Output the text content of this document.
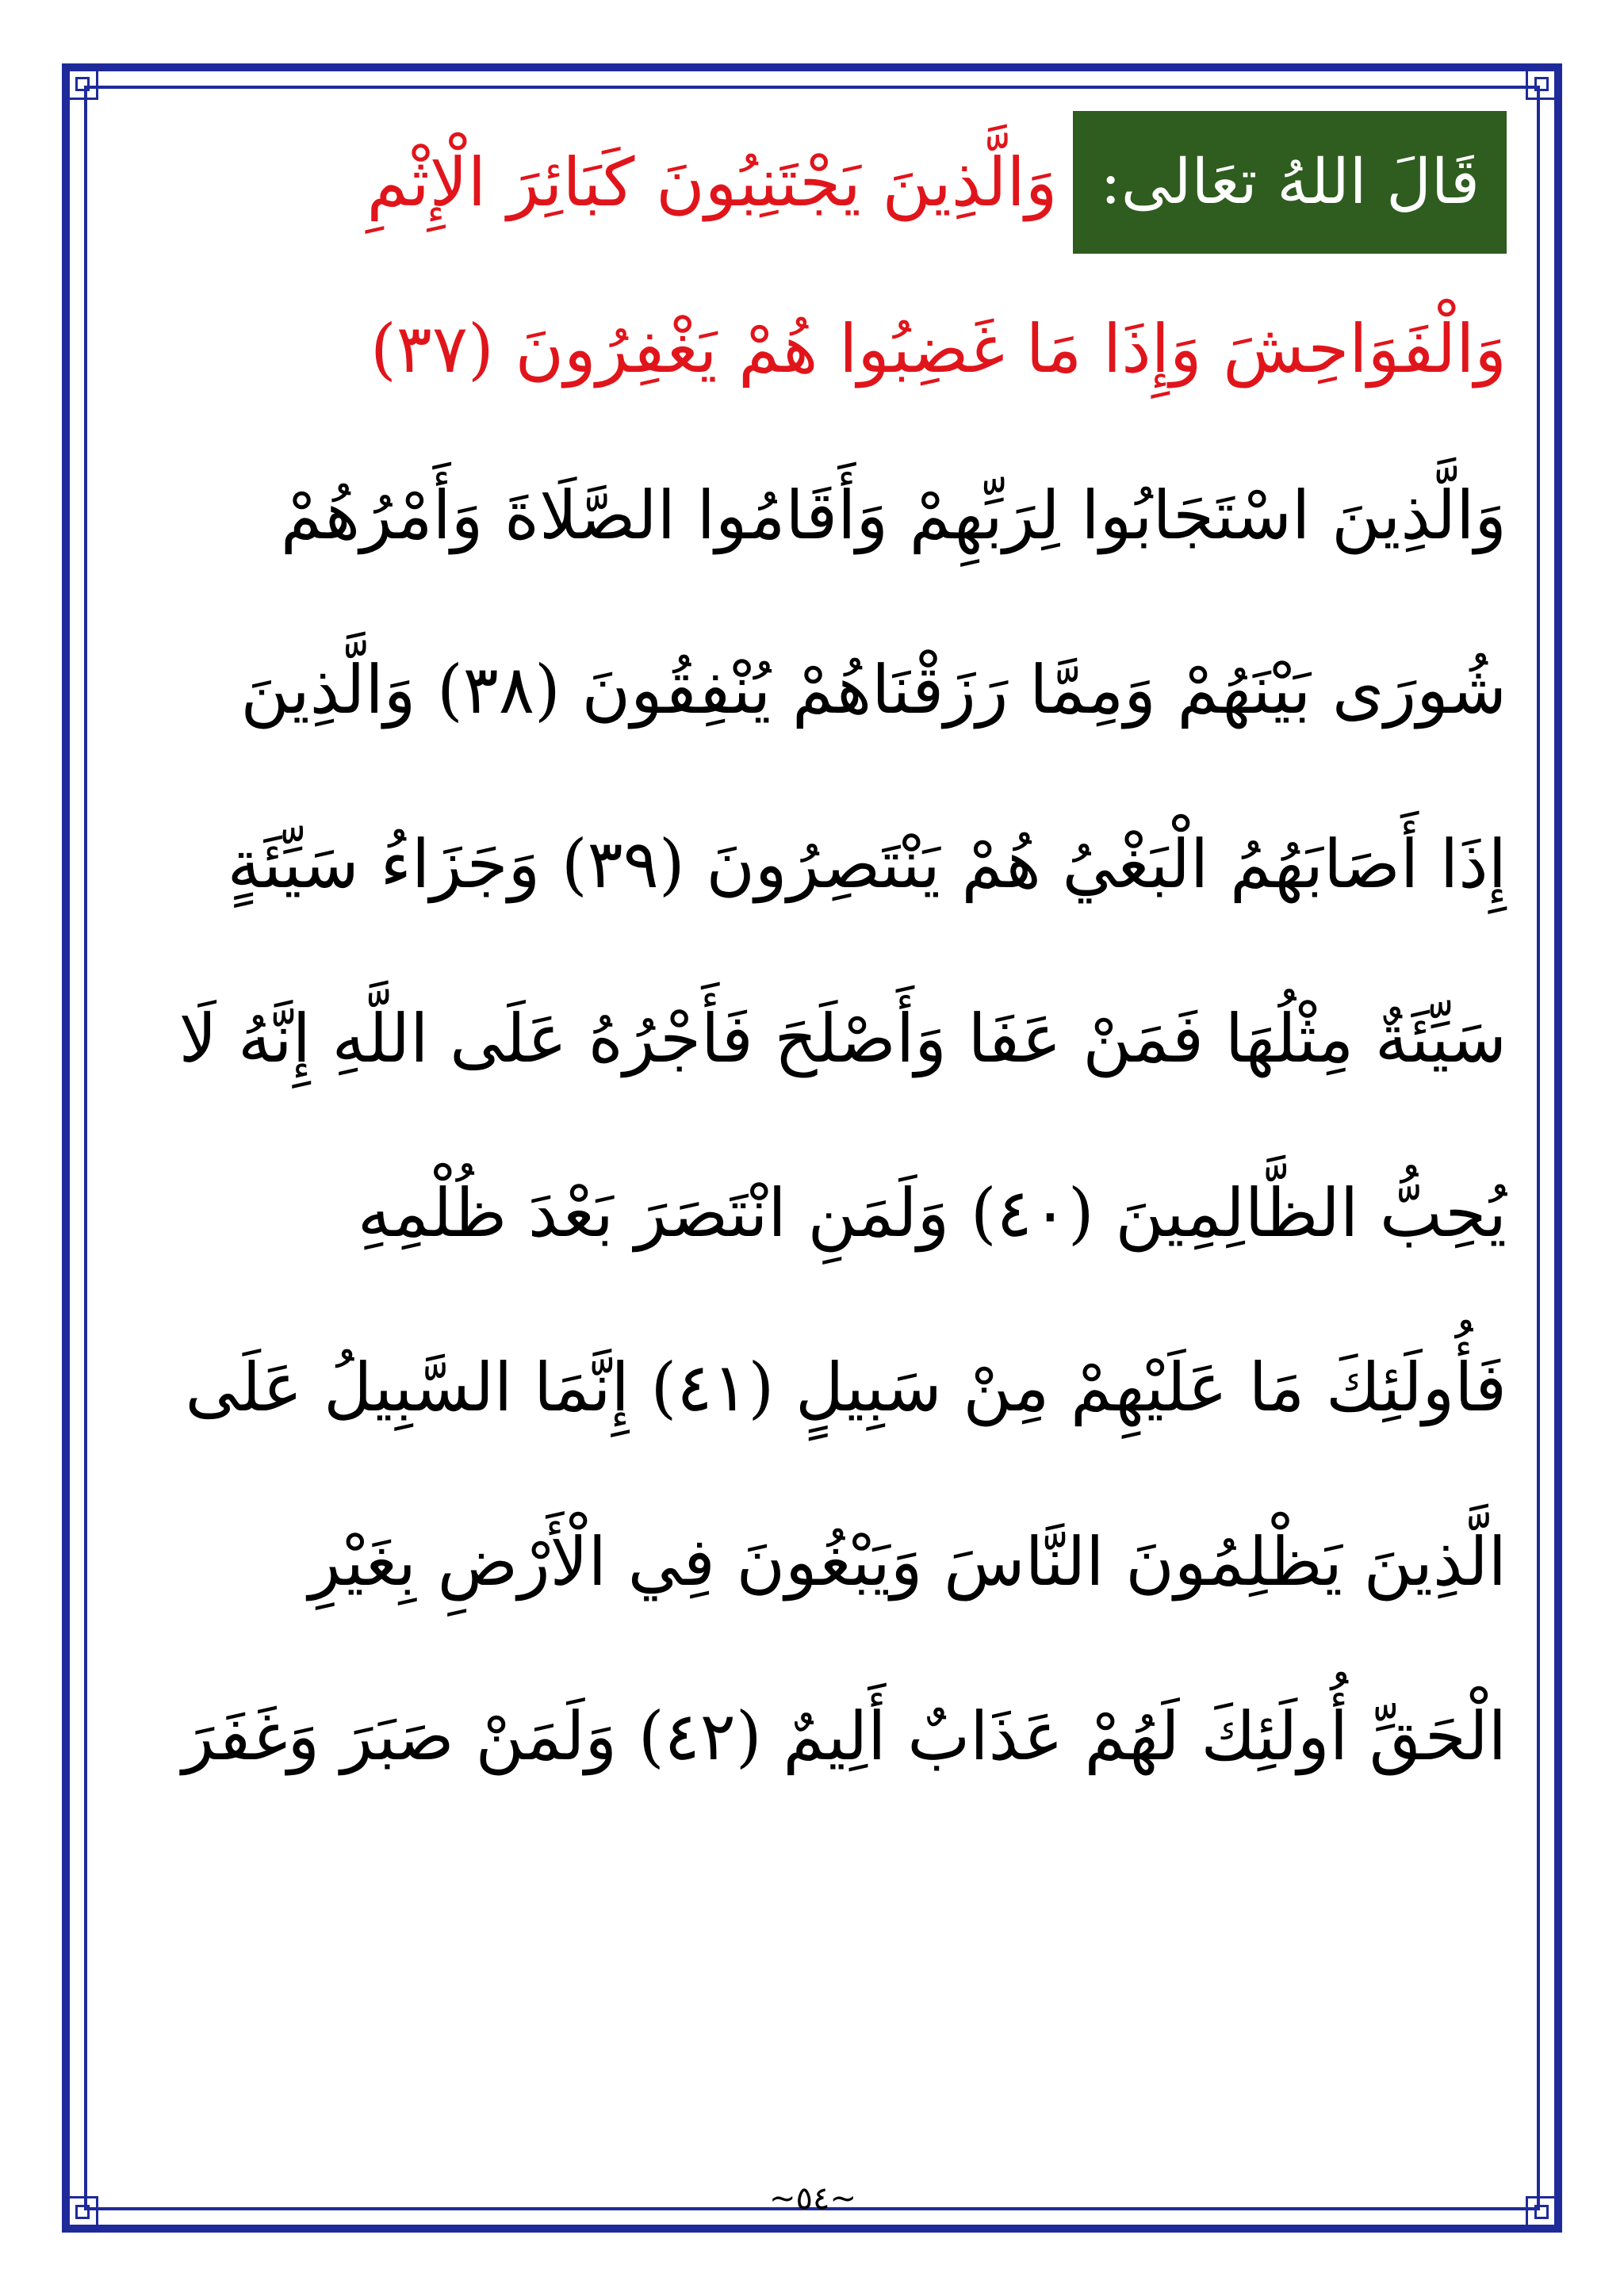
قَالَ اللهُ تعَالى:
وَالَّذِينَ يَجْتَنِبُونَ كَبَائِرَ الْإِثْمِ
وَالْفَوَاحِشَ وَإِذَا مَا غَضِبُوا هُمْ يَغْفِرُونَ (٣٧)
وَالَّذِينَ اسْتَجَابُوا لِرَبِّهِمْ وَأَقَامُوا الصَّلَاةَ وَأَمْرُهُمْ
شُورَى بَيْنَهُمْ وَمِمَّا رَزَقْنَاهُمْ يُنْفِقُونَ (٣٨) وَالَّذِينَ
إِذَا أَصَابَهُمُ الْبَغْيُ هُمْ يَنْتَصِرُونَ (٣٩) وَجَزَاءُ سَيِّئَةٍ
سَيِّئَةٌ مِثْلُهَا فَمَنْ عَفَا وَأَصْلَحَ فَأَجْرُهُ عَلَى اللَّهِ إِنَّهُ لَا
يُحِبُّ الظَّالِمِينَ (٤٠) وَلَمَنِ انْتَصَرَ بَعْدَ ظُلْمِهِ
فَأُولَئِكَ مَا عَلَيْهِمْ مِنْ سَبِيلٍ (٤١) إِنَّمَا السَّبِيلُ عَلَى
الَّذِينَ يَظْلِمُونَ النَّاسَ وَيَبْغُونَ فِي الْأَرْضِ بِغَيْرِ
الْحَقِّ أُولَئِكَ لَهُمْ عَذَابٌ أَلِيمٌ (٤٢) وَلَمَنْ صَبَرَ وَغَفَرَ
~٥٤~
